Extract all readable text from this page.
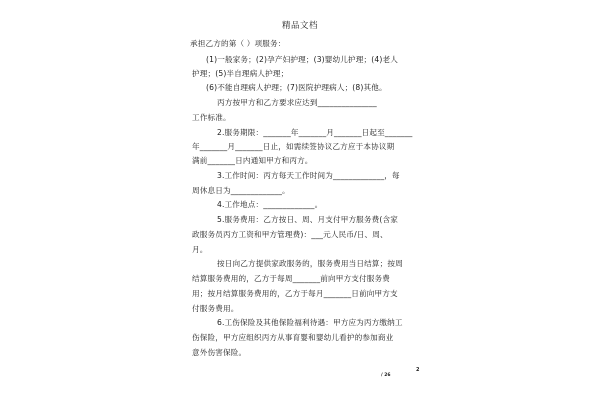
精品文档
承担乙方的第（ ）项服务：
(1)一般家务；(2)孕产妇护理；(3)婴幼儿护理；(4)老人
护理；(5)半自理病人护理；
(6)不能自理病人护理；(7)医院护理病人；(8)其他。
丙方按甲方和乙方要求应达到_______________
工作标准。
2.服务期限：_______年_______月_______日起至_______
年_______月_______日止，如需续签协议乙方应于本协议期
满前_______日内通知甲方和丙方。
3.工作时间：丙方每天工作时间为_____________，每
周休息日为_____________。
4.工作地点：_____________。
5.服务费用：乙方按日、周、月支付甲方服务费(含家
政服务员丙方工资和甲方管理费)：___元人民币/日、周、
月。
按日向乙方提供家政服务的，服务费用当日结算；按周
结算服务费用的，乙方于每周_______前向甲方支付服务费
用；按月结算服务费用的，乙方于每月_______日前向甲方支
付服务费用。
6.工伤保险及其他保险福利待遇：甲方应为丙方缴纳工
伤保险，甲方应组织丙方从事育婴和婴幼儿看护的参加商业
意外伤害保险。
/ 26
2
